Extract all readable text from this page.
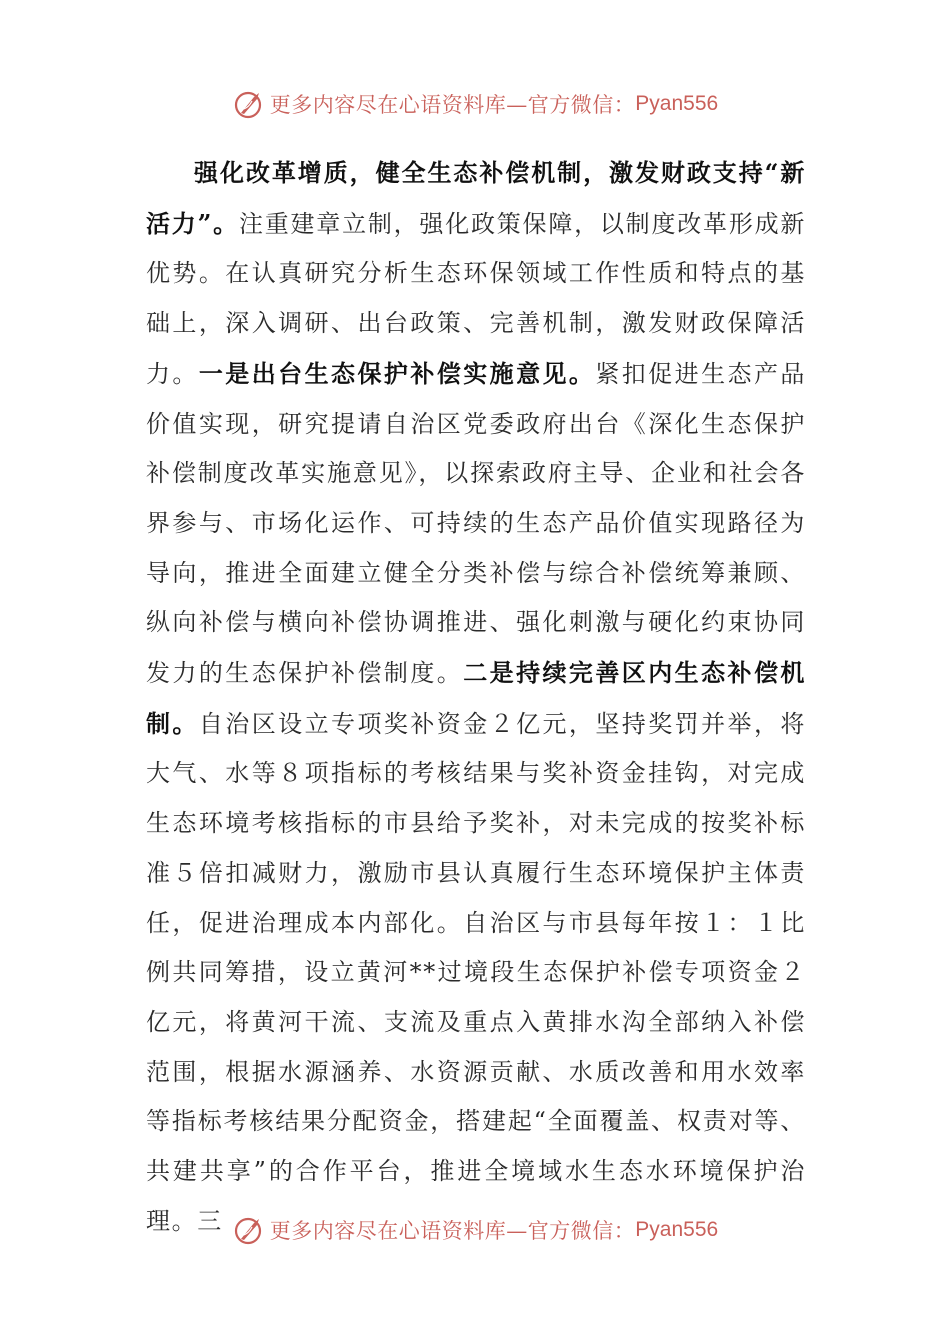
更多内容尽在心语资料库—官方微信： Pyan556

强化改革增质，健全生态补偿机制，激发财政支持“新活力”。注重建章立制，强化政策保障，以制度改革形成新优势。在认真研究分析生态环保领域工作性质和特点的基础上，深入调研、出台政策、完善机制，激发财政保障活力。一是出台生态保护补偿实施意见。紧扣促进生态产品价值实现，研究提请自治区党委政府出台《深化生态保护补偿制度改革实施意见》，以探索政府主导、企业和社会各界参与、市场化运作、可持续的生态产品价值实现路径为导向，推进全面建立健全分类补偿与综合补偿统筹兼顾、纵向补偿与横向补偿协调推进、强化刺激与硬化约束协同发力的生态保护补偿制度。二是持续完善区内生态补偿机制。自治区设立专项奖补资金２亿元，坚持奖罚并举，将大气、水等８项指标的考核结果与奖补资金挂钩，对完成生态环境考核指标的市县给予奖补，对未完成的按奖补标准５倍扣减财力，激励市县认真履行生态环境保护主体责任，促进治理成本内部化。自治区与市县每年按１：１比例共同筹措，设立黄河**过境段生态保护补偿专项资金２亿元，将黄河干流、支流及重点入黄排水沟全部纳入补偿范围，根据水源涵养、水资源贡献、水质改善和用水效率等指标考核结果分配资金，搭建起“全面覆盖、权责对等、共建共享”的合作平台，推进全境域水生态水环境保护治理。三	更多内容尽在心语资料库—官方微信： Pyan556
